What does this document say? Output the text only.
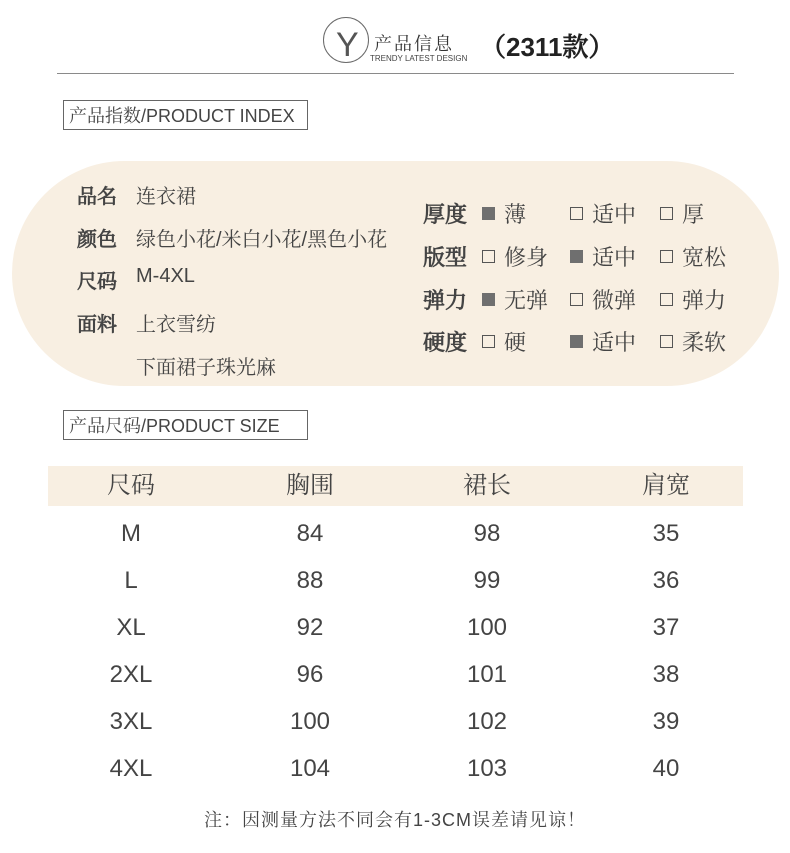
Y 产品信息
TRENDY LATEST DESIGN （2311款）
产品指数/PRODUCT INDEX
品名 连衣裙
颜色 绿色小花/米白小花/黑色小花
尺码 M-4XL
面料 上衣雪纺
下面裙子珠光麻
厚度 薄	适中 厚
版型 修身 适中 宽松
弹力 无弹 微弹 弹力
硬度 硬	适中 柔软
产品尺码/PRODUCT SIZE
尺码	胸围	裙长	肩宽
M	84	98	35
L	88	99	36
XL	92	100	37
2XL	96	101	38
3XL	100	102	39
4XL	104	103	40
注：因测量方法不同会有1-3CM误差请见谅！
